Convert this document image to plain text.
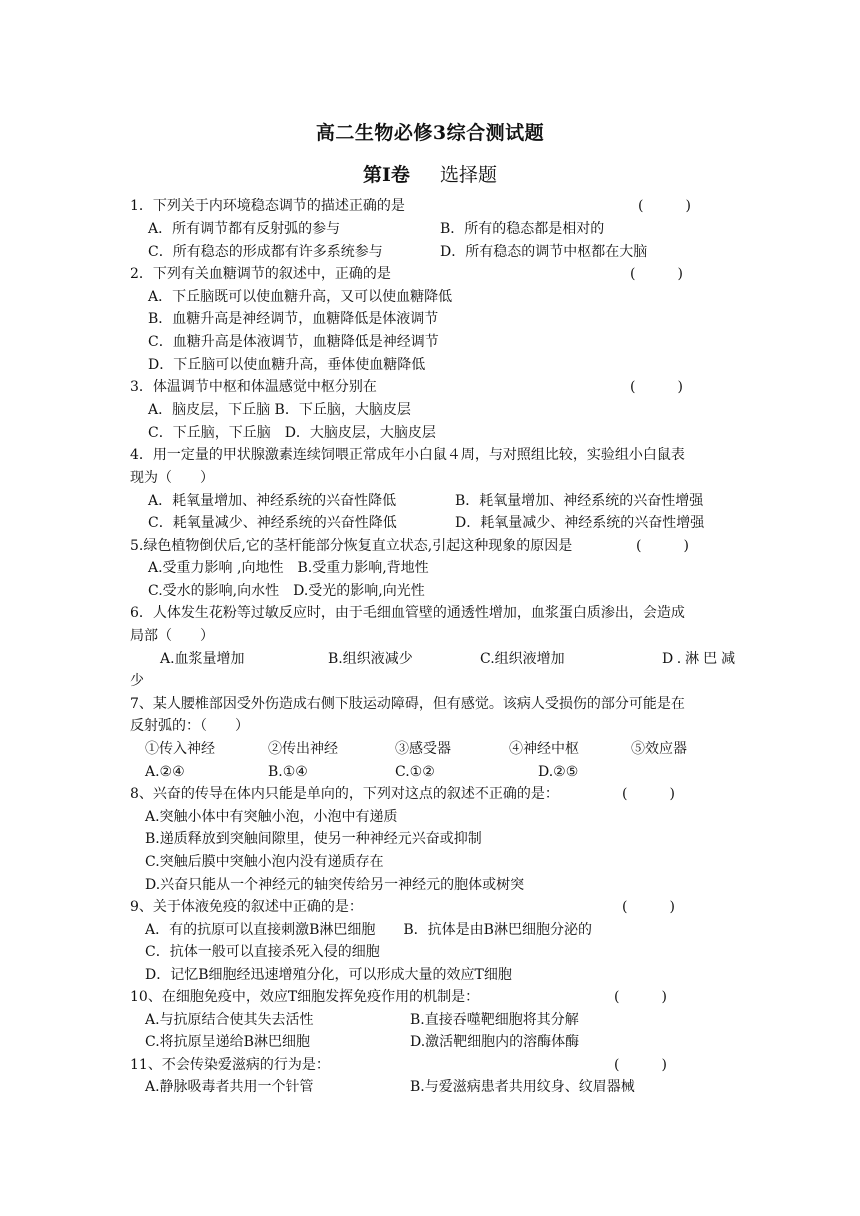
高二生物必修3综合测试题
第Ⅰ卷 选择题
1．下列关于内环境稳态调节的描述正确的是	(　　　)
A．所有调节都有反射弧的参与	B．所有的稳态都是相对的
C．所有稳态的形成都有许多系统参与	D．所有稳态的调节中枢都在大脑
2．下列有关血糖调节的叙述中，正确的是	(　　　)
A．下丘脑既可以使血糖升高，又可以使血糖降低
B．血糖升高是神经调节，血糖降低是体液调节
C．血糖升高是体液调节，血糖降低是神经调节
D．下丘脑可以使血糖升高，垂体使血糖降低
3．体温调节中枢和体温感觉中枢分别在	(　　　)
A．脑皮层，下丘脑 B．下丘脑，大脑皮层
C．下丘脑，下丘脑　D．大脑皮层，大脑皮层
4．用一定量的甲状腺激素连续饲喂正常成年小白鼠４周，与对照组比较，实验组小白鼠表
现为（　　）
A．耗氧量增加、神经系统的兴奋性降低	B．耗氧量增加、神经系统的兴奋性增强
C．耗氧量减少、神经系统的兴奋性降低	D．耗氧量减少、神经系统的兴奋性增强
5.绿色植物倒伏后,它的茎杆能部分恢复直立状态,引起这种现象的原因是	(　　　)
A.受重力影响 ,向地性　B.受重力影响,背地性
C.受水的影响,向水性　D.受光的影响,向光性
6．人体发生花粉等过敏反应时，由于毛细血管壁的通透性增加，血浆蛋白质渗出，会造成
局部（　　）
A.血浆量增加	B.组织液减少	C.组织液增加	D.淋巴减
少
7、某人腰椎部因受外伤造成右侧下肢运动障碍，但有感觉。该病人受损伤的部分可能是在
反射弧的：（　　）
①传入神经	②传出神经	③感受器	④神经中枢	⑤效应器
A.②④	B.①④	C.①②	D.②⑤
8、兴奋的传导在体内只能是单向的，下列对这点的叙述不正确的是：	(　　　)
A.突触小体中有突触小泡，小泡中有递质
B.递质释放到突触间隙里，使另一种神经元兴奋或抑制
C.突触后膜中突触小泡内没有递质存在
D.兴奋只能从一个神经元的轴突传给另一神经元的胞体或树突
9、关于体液免疫的叙述中正确的是：	(　　　)
A．有的抗原可以直接刺激B淋巴细胞　　B．抗体是由B淋巴细胞分泌的
C．抗体一般可以直接杀死入侵的细胞
D．记忆B细胞经迅速增殖分化，可以形成大量的效应T细胞
10、在细胞免疫中，效应T细胞发挥免疫作用的机制是：	(　　　)
A.与抗原结合使其失去活性	B.直接吞噬靶细胞将其分解
C.将抗原呈递给B淋巴细胞	D.激活靶细胞内的溶酶体酶
11、不会传染爱滋病的行为是：	(　　　)
A.静脉吸毒者共用一个针管	B.与爱滋病患者共用纹身、纹眉器械
